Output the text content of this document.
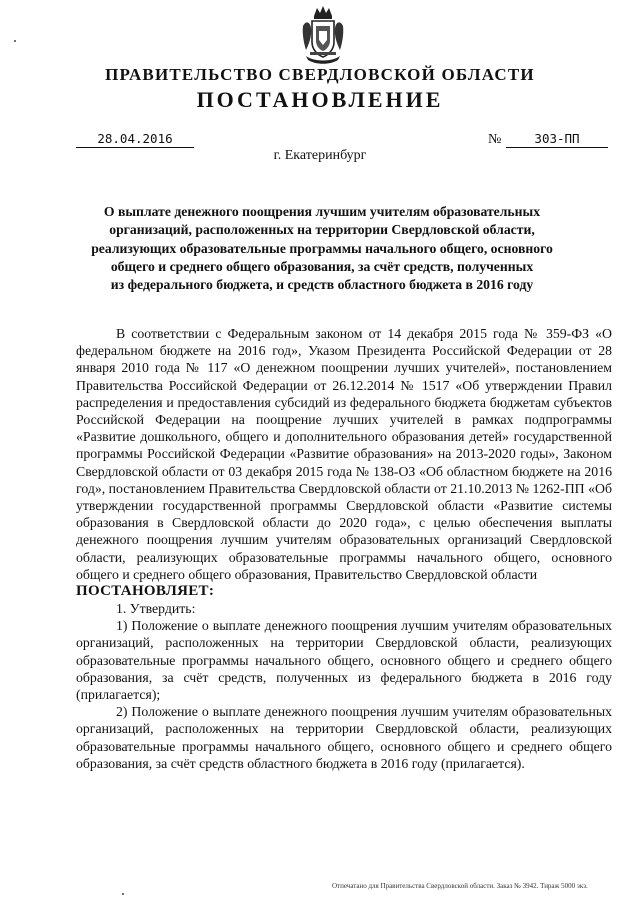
ПРАВИТЕЛЬСТВО СВЕРДЛОВСКОЙ ОБЛАСТИ
ПОСТАНОВЛЕНИЕ
28.04.2016	№	303-ПП
г. Екатеринбург
О выплате денежного поощрения лучшим учителям образовательных
организаций, расположенных на территории Свердловской области,
реализующих образовательные программы начального общего, основного
общего и среднего общего образования, за счёт средств, полученных
из федерального бюджета, и средств областного бюджета в 2016 году

В соответствии с Федеральным законом от 14 декабря 2015 года № 359-ФЗ «О федеральном бюджете на 2016 год», Указом Президента Российской Федерации от 28 января 2010 года № 117 «О денежном поощрении лучших учителей», постановлением Правительства Российской Федерации от 26.12.2014 № 1517 «Об утверждении Правил распределения и предоставления субсидий из федерального бюджета бюджетам субъектов Российской Федерации на поощрение лучших учителей в рамках подпрограммы «Развитие дошкольного, общего и дополнительного образования детей» государственной программы Российской Федерации «Развитие образования» на 2013-2020 годы», Законом Свердловской области от 03 декабря 2015 года № 138-ОЗ «Об областном бюджете на 2016 год», постановлением Правительства Свердловской области от 21.10.2013 № 1262-ПП «Об утверждении государственной программы Свердловской области «Развитие системы образования в Свердловской области до 2020 года», с целью обеспечения выплаты денежного поощрения лучшим учителям образовательных организаций Свердловской области, реализующих образовательные программы начального общего, основного общего и среднего общего образования, Правительство Свердловской области

ПОСТАНОВЛЯЕТ:

1. Утвердить:

1) Положение о выплате денежного поощрения лучшим учителям образовательных организаций, расположенных на территории Свердловской области, реализующих образовательные программы начального общего, основного общего и среднего общего образования, за счёт средств, полученных из федерального бюджета в 2016 году (прилагается);

2) Положение о выплате денежного поощрения лучшим учителям образовательных организаций, расположенных на территории Свердловской области, реализующих образовательные программы начального общего, основного общего и среднего общего образования, за счёт средств областного бюджета в 2016 году (прилагается).

Отпечатано для Правительства Свердловской области. Заказ № 3942. Тираж 5000 экз.
